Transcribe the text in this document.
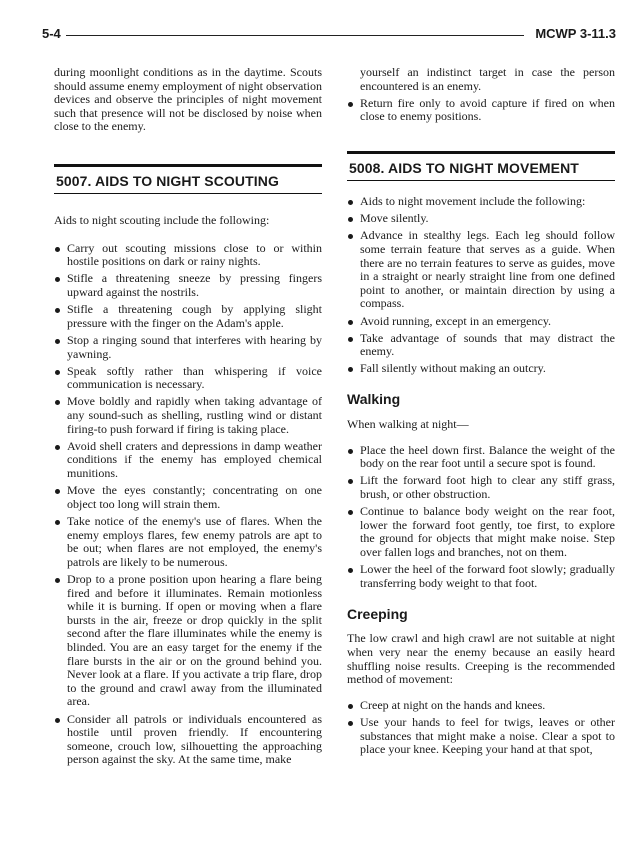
5-4	MCWP 3-11.3

during moonlight conditions as in the daytime. Scouts should assume enemy employment of night observation devices and observe the principles of night movement such that presence will not be disclosed by noise when close to the enemy.

5007. AIDS TO NIGHT SCOUTING

Aids to night scouting include the following:

Carry out scouting missions close to or within hostile positions on dark or rainy nights.
Stifle a threatening sneeze by pressing fingers upward against the nostrils.
Stifle a threatening cough by applying slight pressure with the finger on the Adam's apple.
Stop a ringing sound that interferes with hearing by yawning.
Speak softly rather than whispering if voice communication is necessary.
Move boldly and rapidly when taking advantage of any sound-such as shelling, rustling wind or distant firing-to push forward if firing is taking place.
Avoid shell craters and depressions in damp weather conditions if the enemy has employed chemical munitions.
Move the eyes constantly; concentrating on one object too long will strain them.
Take notice of the enemy's use of flares. When the enemy employs flares, few enemy patrols are apt to be out; when flares are not employed, the enemy's patrols are likely to be numerous.
Drop to a prone position upon hearing a flare being fired and before it illuminates. Remain motionless while it is burning. If open or moving when a flare bursts in the air, freeze or drop quickly in the split second after the flare illuminates while the enemy is blinded. You are an easy target for the enemy if the flare bursts in the air or on the ground behind you. Never look at a flare. If you activate a trip flare, drop to the ground and crawl away from the illuminated area.
Consider all patrols or individuals encountered as hostile until proven friendly. If encountering someone, crouch low, silhouetting the approaching person against the sky. At the same time, make
yourself an indistinct target in case the person encountered is an enemy.
Return fire only to avoid capture if fired on when close to enemy positions.
5008. AIDS TO NIGHT MOVEMENT
Aids to night movement include the following:
Move silently.
Advance in stealthy legs. Each leg should follow some terrain feature that serves as a guide. When there are no terrain features to serve as guides, move in a straight or nearly straight line from one defined point to another, or maintain direction by using a compass.
Avoid running, except in an emergency.
Take advantage of sounds that may distract the enemy.
Fall silently without making an outcry.
Walking

When walking at night—

Place the heel down first. Balance the weight of the body on the rear foot until a secure spot is found.
Lift the forward foot high to clear any stiff grass, brush, or other obstruction.
Continue to balance body weight on the rear foot, lower the forward foot gently, toe first, to explore the ground for objects that might make noise. Step over fallen logs and branches, not on them.
Lower the heel of the forward foot slowly; gradually transferring body weight to that foot.
Creeping

The low crawl and high crawl are not suitable at night when very near the enemy because an easily heard shuffling noise results. Creeping is the recommended method of movement:

Creep at night on the hands and knees.
Use your hands to feel for twigs, leaves or other substances that might make a noise. Clear a spot to place your knee. Keeping your hand at that spot,
